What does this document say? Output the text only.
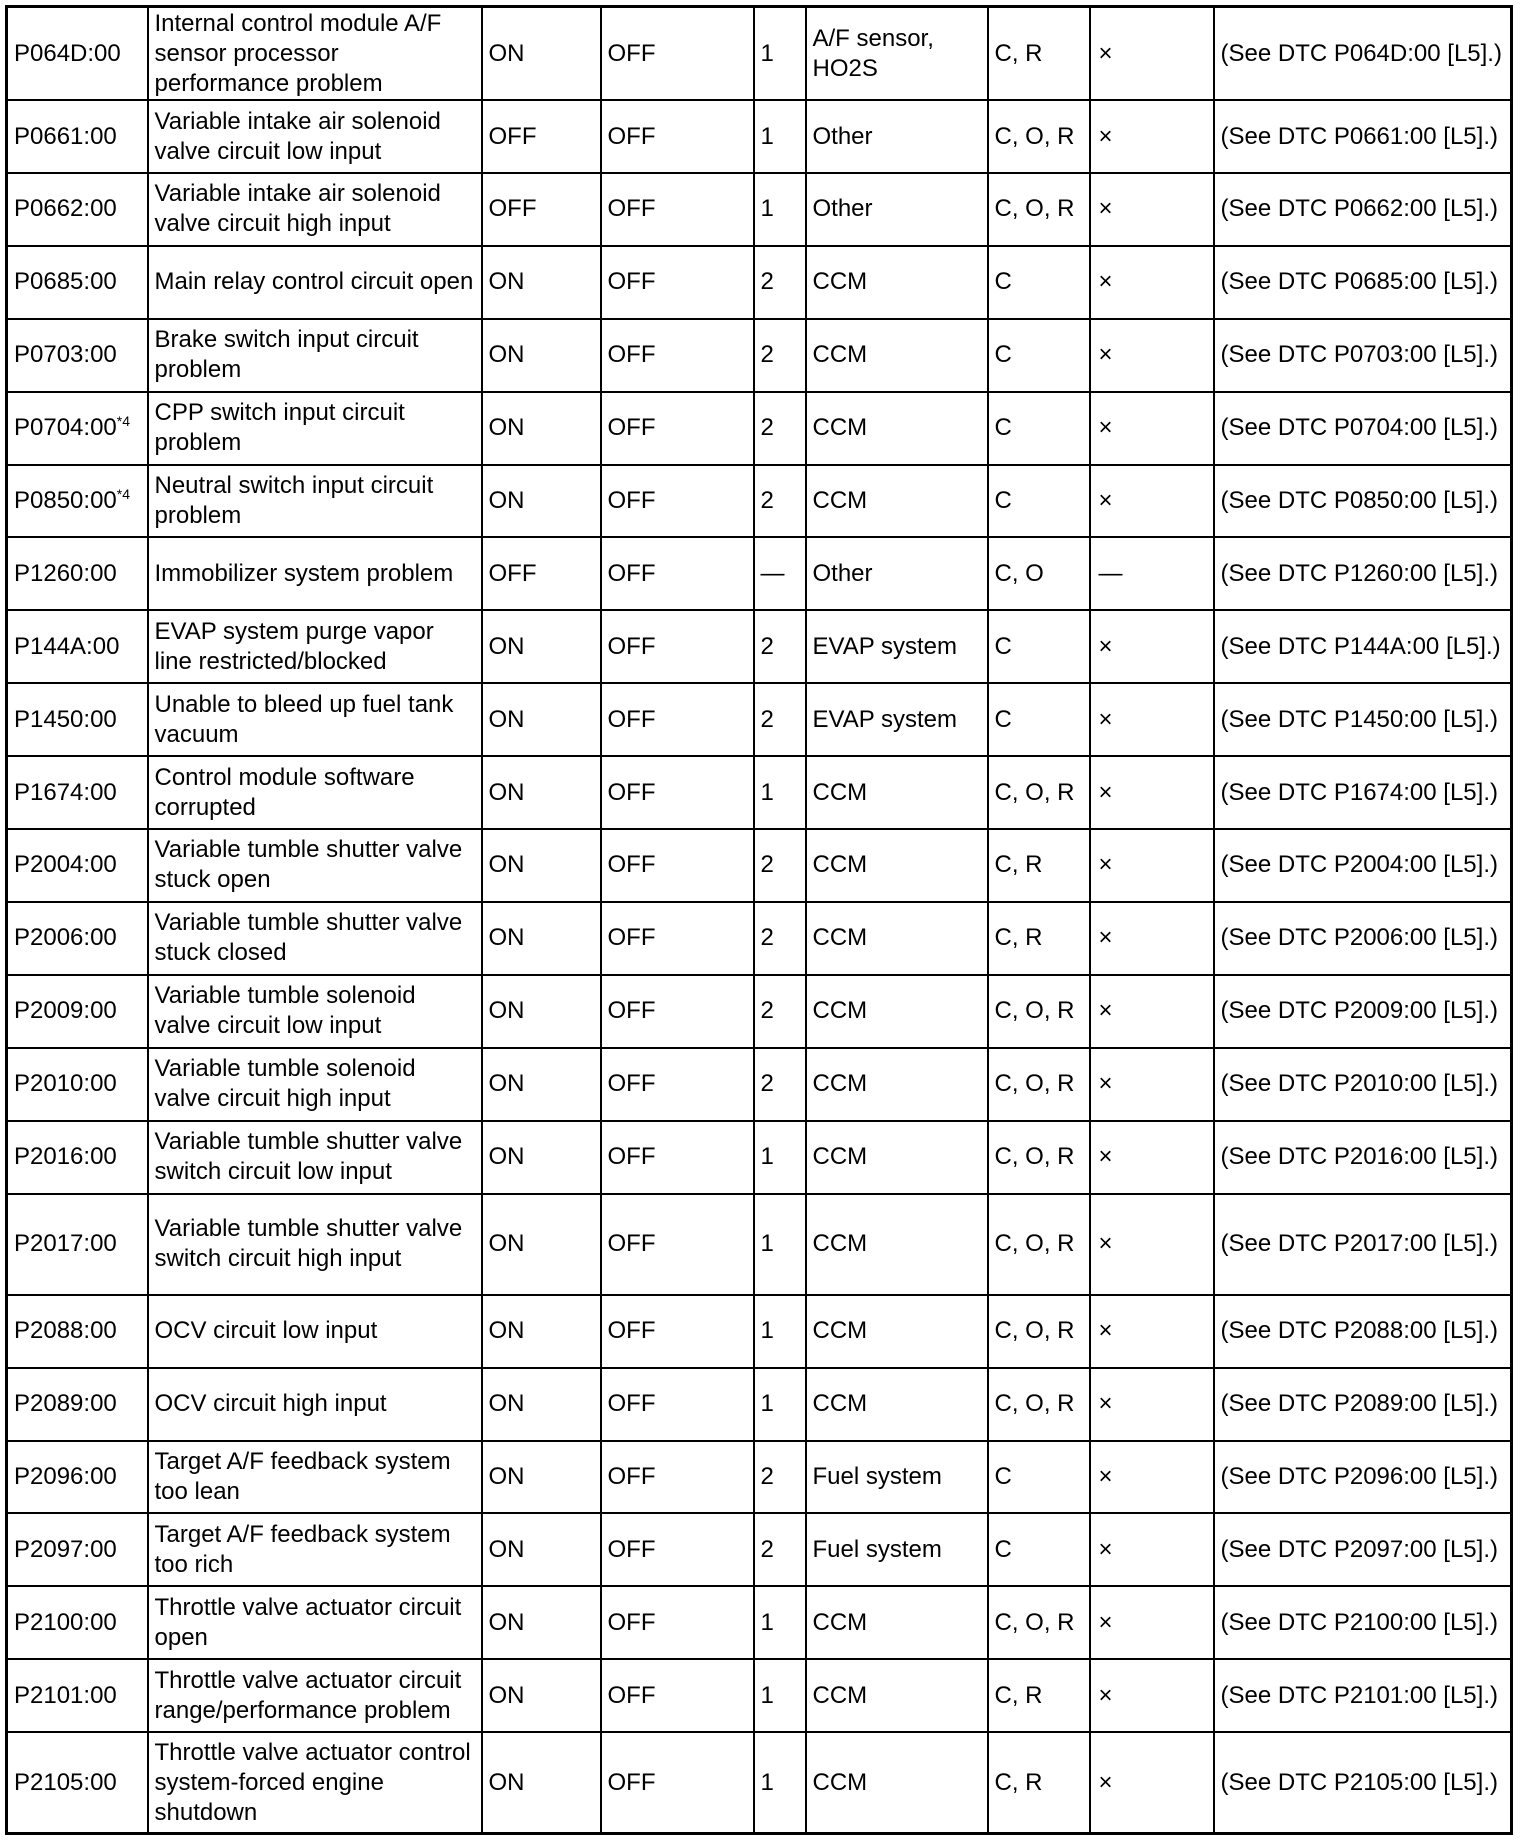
P064D:00	Internal control module A/F sensor processor performance problem	ON	OFF	1	A/F sensor, HO2S	C, R	×	(See DTC P064D:00 [L5].)
P0661:00	Variable intake air solenoid valve circuit low input	OFF	OFF	1	Other	C, O, R	×	(See DTC P0661:00 [L5].)
P0662:00	Variable intake air solenoid valve circuit high input	OFF	OFF	1	Other	C, O, R	×	(See DTC P0662:00 [L5].)
P0685:00	Main relay control circuit open	ON	OFF	2	CCM	C	×	(See DTC P0685:00 [L5].)
P0703:00	Brake switch input circuit problem	ON	OFF	2	CCM	C	×	(See DTC P0703:00 [L5].)
P0704:00$^{*4}$	CPP switch input circuit problem	ON	OFF	2	CCM	C	×	(See DTC P0704:00 [L5].)
P0850:00$^{*4}$	Neutral switch input circuit problem	ON	OFF	2	CCM	C	×	(See DTC P0850:00 [L5].)
P1260:00	Immobilizer system problem	OFF	OFF	—	Other	C, O	—	(See DTC P1260:00 [L5].)
P144A:00	EVAP system purge vapor line restricted/blocked	ON	OFF	2	EVAP system	C	×	(See DTC P144A:00 [L5].)
P1450:00	Unable to bleed up fuel tank vacuum	ON	OFF	2	EVAP system	C	×	(See DTC P1450:00 [L5].)
P1674:00	Control module software corrupted	ON	OFF	1	CCM	C, O, R	×	(See DTC P1674:00 [L5].)
P2004:00	Variable tumble shutter valve stuck open	ON	OFF	2	CCM	C, R	×	(See DTC P2004:00 [L5].)
P2006:00	Variable tumble shutter valve stuck closed	ON	OFF	2	CCM	C, R	×	(See DTC P2006:00 [L5].)
P2009:00	Variable tumble solenoid valve circuit low input	ON	OFF	2	CCM	C, O, R	×	(See DTC P2009:00 [L5].)
P2010:00	Variable tumble solenoid valve circuit high input	ON	OFF	2	CCM	C, O, R	×	(See DTC P2010:00 [L5].)
P2016:00	Variable tumble shutter valve switch circuit low input	ON	OFF	1	CCM	C, O, R	×	(See DTC P2016:00 [L5].)
P2017:00	Variable tumble shutter valve switch circuit high input	ON	OFF	1	CCM	C, O, R	×	(See DTC P2017:00 [L5].)
P2088:00	OCV circuit low input	ON	OFF	1	CCM	C, O, R	×	(See DTC P2088:00 [L5].)
P2089:00	OCV circuit high input	ON	OFF	1	CCM	C, O, R	×	(See DTC P2089:00 [L5].)
P2096:00	Target A/F feedback system too lean	ON	OFF	2	Fuel system	C	×	(See DTC P2096:00 [L5].)
P2097:00	Target A/F feedback system too rich	ON	OFF	2	Fuel system	C	×	(See DTC P2097:00 [L5].)
P2100:00	Throttle valve actuator circuit open	ON	OFF	1	CCM	C, O, R	×	(See DTC P2100:00 [L5].)
P2101:00	Throttle valve actuator circuit range/performance problem	ON	OFF	1	CCM	C, R	×	(See DTC P2101:00 [L5].)
P2105:00	Throttle valve actuator control system-forced engine shutdown	ON	OFF	1	CCM	C, R	×	(See DTC P2105:00 [L5].)
